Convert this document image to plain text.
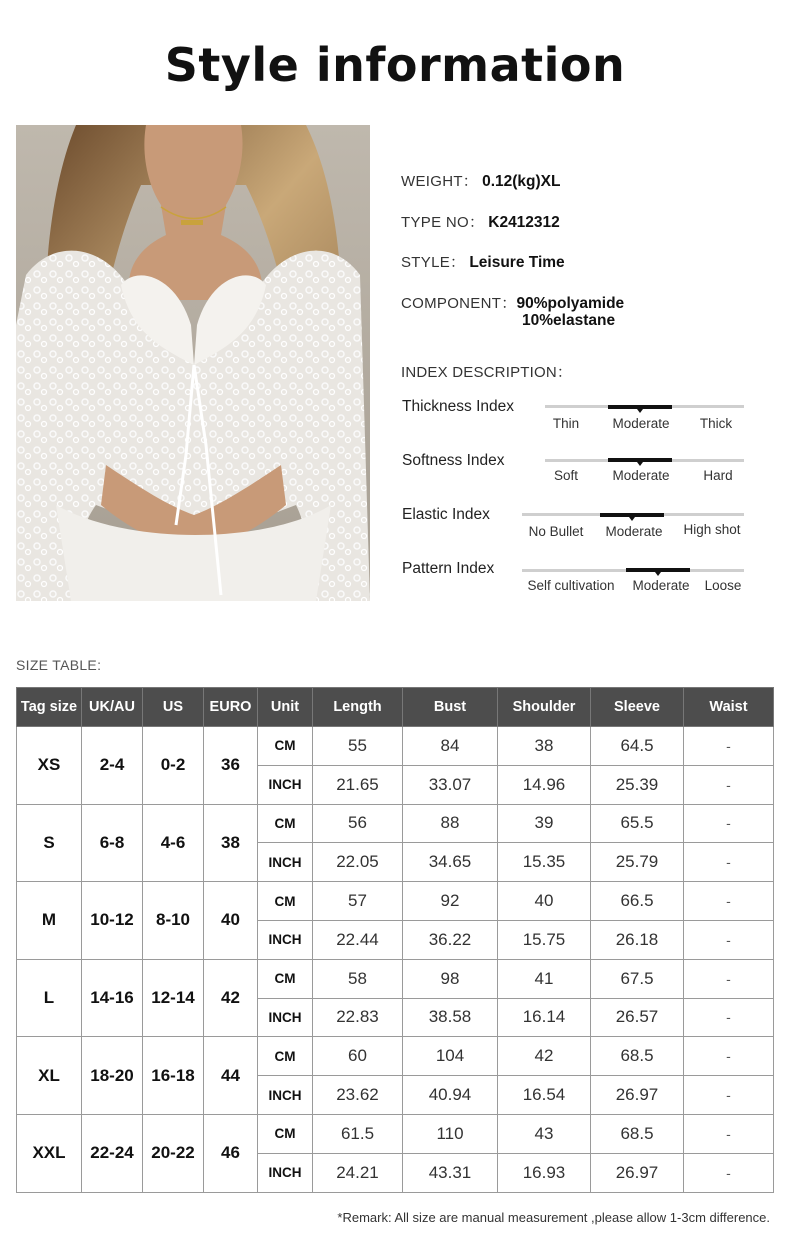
Style information
WEIGHT： 0.12(kg)XL
TYPE NO： K2412312
STYLE： Leisure Time
COMPONENT：90%polyamide
10%elastane
INDEX DESCRIPTION：
Thickness Index
Thin	Moderate	Thick
Softness Index
Soft	Moderate	Hard
Elastic Index
No Bullet	Moderate	High shot
Pattern Index
Self cultivation	Moderate	Loose
SIZE TABLE:
Tag size	UK/AU	US	EURO	Unit	Length	Bust	Shoulder	Sleeve	Waist
XS	2-4	0-2	36	CM	55	84	38	64.5	-
				INCH	21.65	33.07	14.96	25.39	-
S	6-8	4-6	38	CM	56	88	39	65.5	-
				INCH	22.05	34.65	15.35	25.79	-
M	10-12	8-10	40	CM	57	92	40	66.5	-
				INCH	22.44	36.22	15.75	26.18	-
L	14-16	12-14	42	CM	58	98	41	67.5	-
				INCH	22.83	38.58	16.14	26.57	-
XL	18-20	16-18	44	CM	60	104	42	68.5	-
				INCH	23.62	40.94	16.54	26.97	-
XXL	22-24	20-22	46	CM	61.5	110	43	68.5	-
				INCH	24.21	43.31	16.93	26.97	-
*Remark: All size are manual measurement ,please allow 1-3cm difference.
